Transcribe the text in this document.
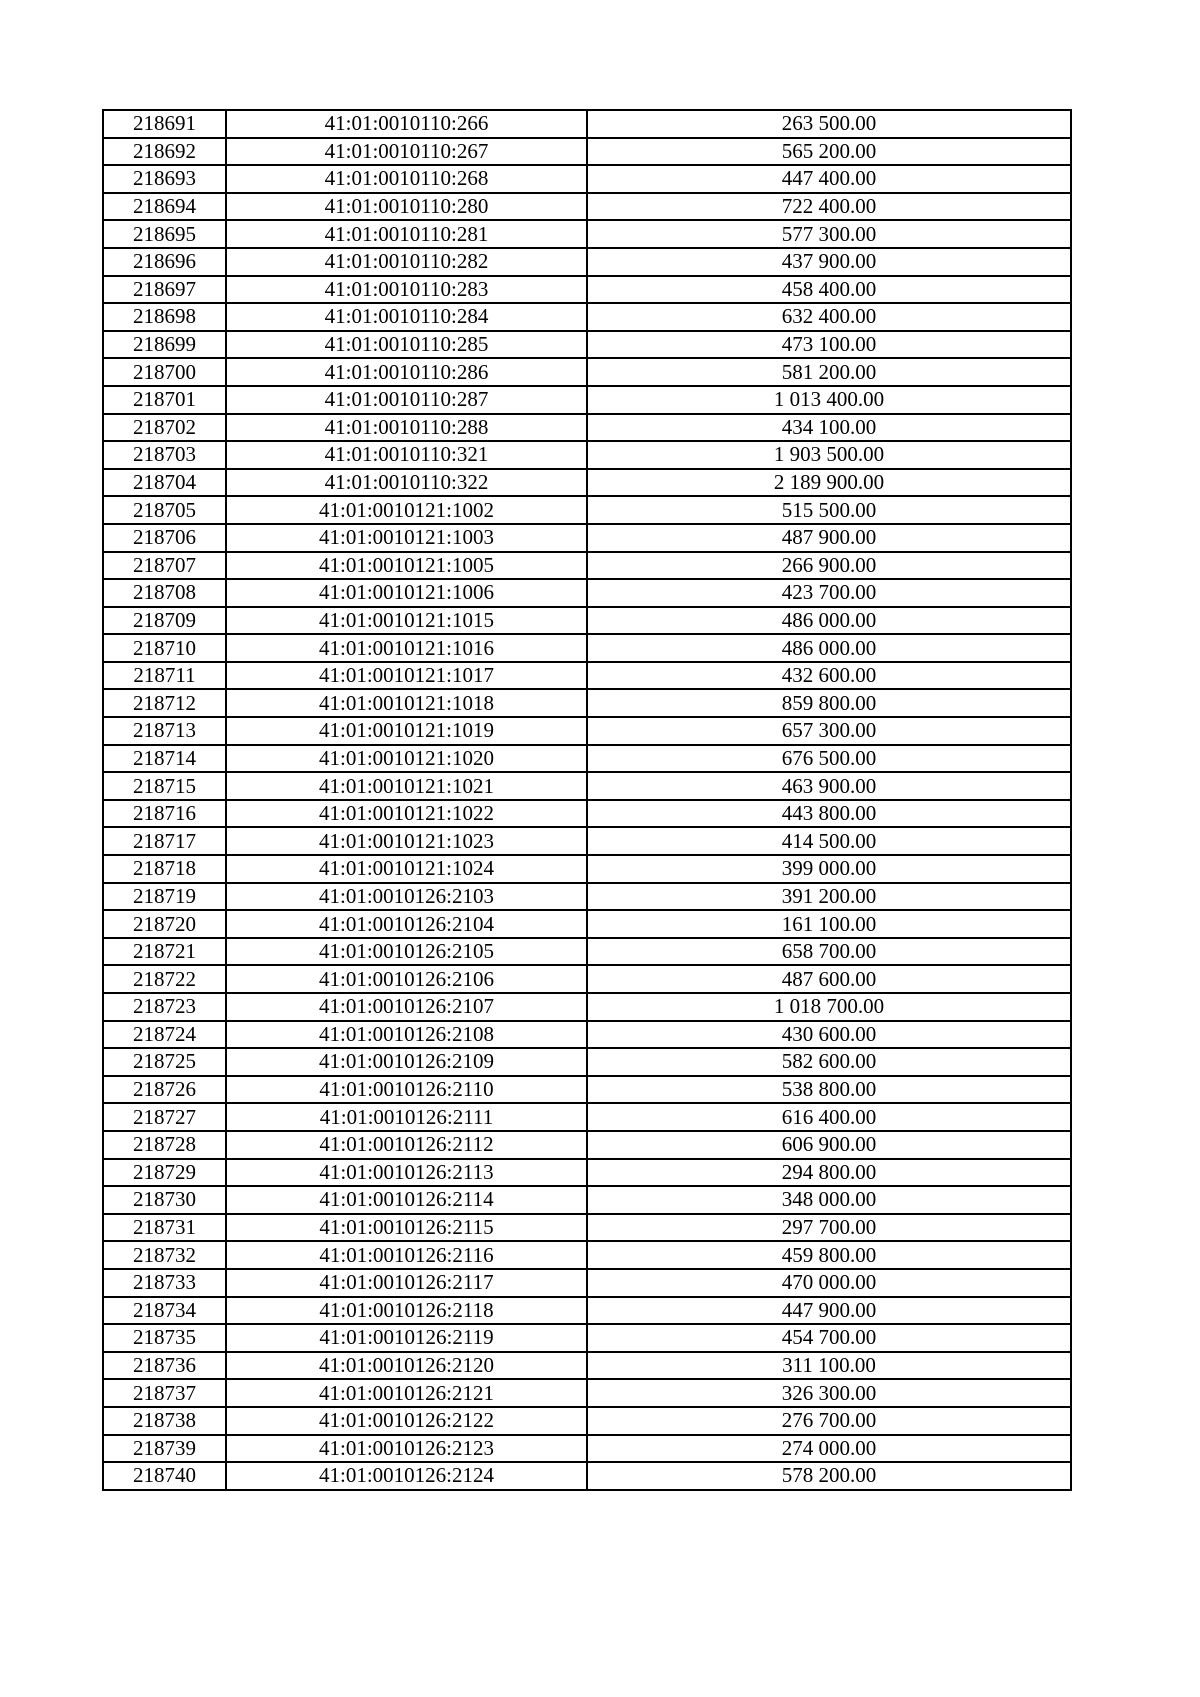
218691	41:01:0010110:266	263 500.00
218692	41:01:0010110:267	565 200.00
218693	41:01:0010110:268	447 400.00
218694	41:01:0010110:280	722 400.00
218695	41:01:0010110:281	577 300.00
218696	41:01:0010110:282	437 900.00
218697	41:01:0010110:283	458 400.00
218698	41:01:0010110:284	632 400.00
218699	41:01:0010110:285	473 100.00
218700	41:01:0010110:286	581 200.00
218701	41:01:0010110:287	1 013 400.00
218702	41:01:0010110:288	434 100.00
218703	41:01:0010110:321	1 903 500.00
218704	41:01:0010110:322	2 189 900.00
218705	41:01:0010121:1002	515 500.00
218706	41:01:0010121:1003	487 900.00
218707	41:01:0010121:1005	266 900.00
218708	41:01:0010121:1006	423 700.00
218709	41:01:0010121:1015	486 000.00
218710	41:01:0010121:1016	486 000.00
218711	41:01:0010121:1017	432 600.00
218712	41:01:0010121:1018	859 800.00
218713	41:01:0010121:1019	657 300.00
218714	41:01:0010121:1020	676 500.00
218715	41:01:0010121:1021	463 900.00
218716	41:01:0010121:1022	443 800.00
218717	41:01:0010121:1023	414 500.00
218718	41:01:0010121:1024	399 000.00
218719	41:01:0010126:2103	391 200.00
218720	41:01:0010126:2104	161 100.00
218721	41:01:0010126:2105	658 700.00
218722	41:01:0010126:2106	487 600.00
218723	41:01:0010126:2107	1 018 700.00
218724	41:01:0010126:2108	430 600.00
218725	41:01:0010126:2109	582 600.00
218726	41:01:0010126:2110	538 800.00
218727	41:01:0010126:2111	616 400.00
218728	41:01:0010126:2112	606 900.00
218729	41:01:0010126:2113	294 800.00
218730	41:01:0010126:2114	348 000.00
218731	41:01:0010126:2115	297 700.00
218732	41:01:0010126:2116	459 800.00
218733	41:01:0010126:2117	470 000.00
218734	41:01:0010126:2118	447 900.00
218735	41:01:0010126:2119	454 700.00
218736	41:01:0010126:2120	311 100.00
218737	41:01:0010126:2121	326 300.00
218738	41:01:0010126:2122	276 700.00
218739	41:01:0010126:2123	274 000.00
218740	41:01:0010126:2124	578 200.00
